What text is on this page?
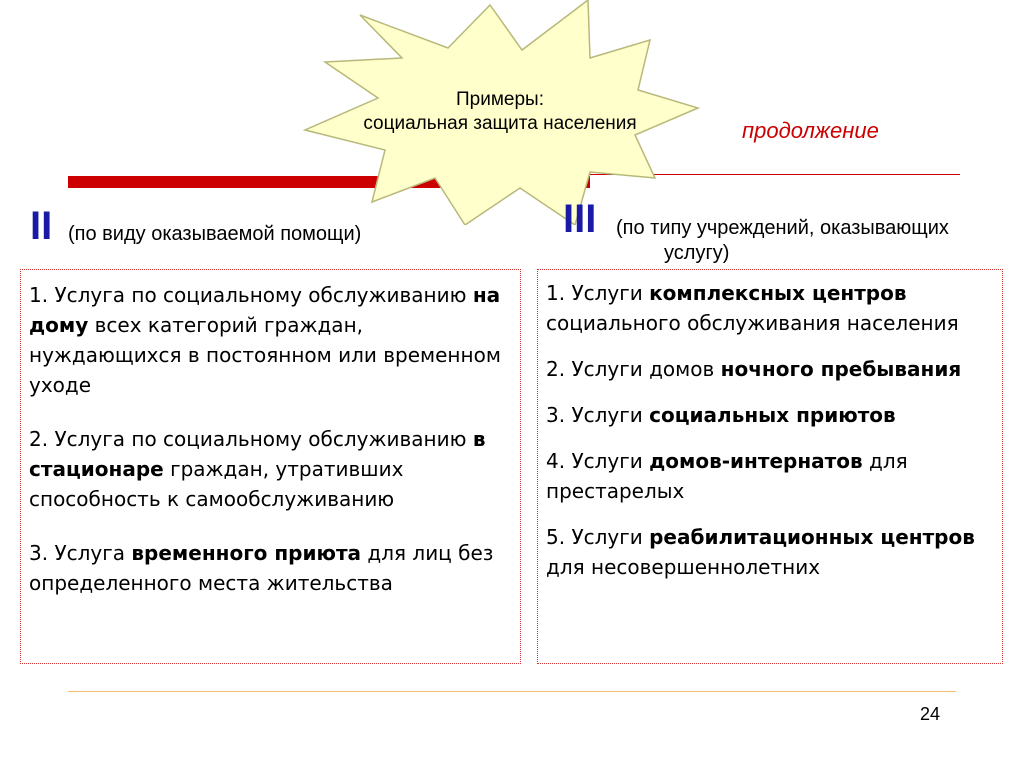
Примеры:
социальная защита населения	продолжение
II (по виду оказываемой помощи)	III (по типу учреждений, оказывающих
услугу)

1. Услуга по социальному обслуживанию на дому всех категорий граждан, нуждающихся в постоянном или временном уходе

2. Услуга по социальному обслуживанию в стационаре граждан, утративших способность к самообслуживанию

3. Услуга временного приюта для лиц без определенного места жительства

1. Услуги комплексных центров социального обслуживания населения

2. Услуги домов ночного пребывания

3. Услуги социальных приютов

4. Услуги домов-интернатов для престарелых

5. Услуги реабилитационных центров для несовершеннолетних

24
